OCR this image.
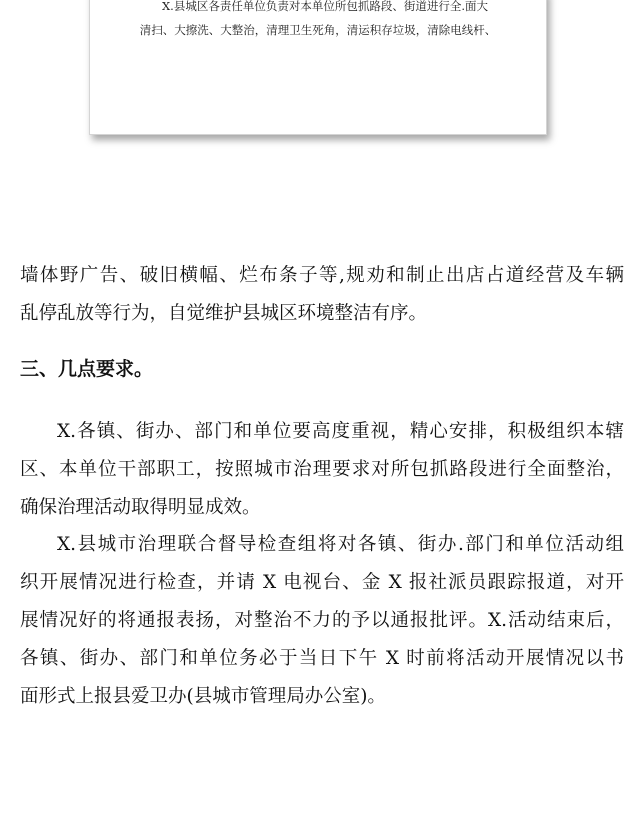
X.县城区各责任单位负责对本单位所包抓路段、街道进行全.面大
清扫、大擦洗、大整治，清理卫生死角，清运积存垃圾，清除电线杆、
墙体野广告、破旧横幅、烂布条子等,规劝和制止出店占道经营及车辆
乱停乱放等行为，自觉维护县城区环境整洁有序。
三、几点要求。
X.各镇、街办、部门和单位要高度重视，精心安排，积极组织本辖
区、本单位干部职工，按照城市治理要求对所包抓路段进行全面整治，
确保治理活动取得明显成效。
X.县城市治理联合督导检查组将对各镇、街办.部门和单位活动组
织开展情况进行检查，并请 X 电视台、金 X 报社派员跟踪报道，对开
展情况好的将通报表扬，对整治不力的予以通报批评。X.活动结束后，
各镇、街办、部门和单位务必于当日下午 X 时前将活动开展情况以书
面形式上报县爱卫办(县城市管理局办公室)。
